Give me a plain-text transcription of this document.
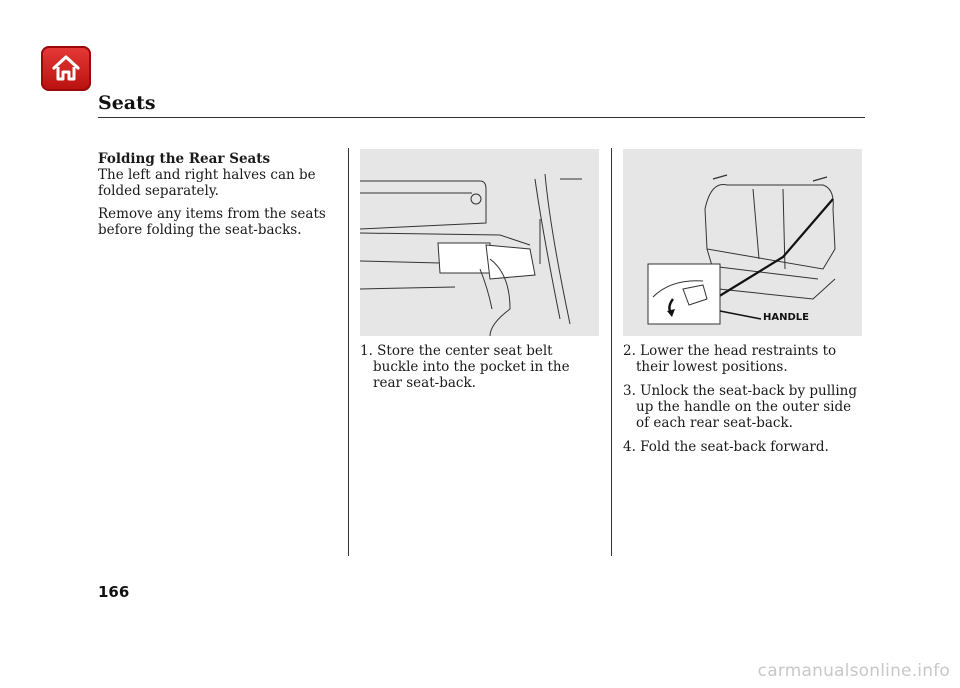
Seats

Folding the Rear Seats

The left and right halves can be folded separately.

Remove any items from the seats before folding the seat-backs.

HANDLE
1. Store the center seat belt buckle into the pocket in the rear seat-back.
2. Lower the head restraints to their lowest positions.
3. Unlock the seat-back by pulling up the handle on the outer side of each rear seat-back.
4. Fold the seat-back forward.
166
carmanualsonline.info
